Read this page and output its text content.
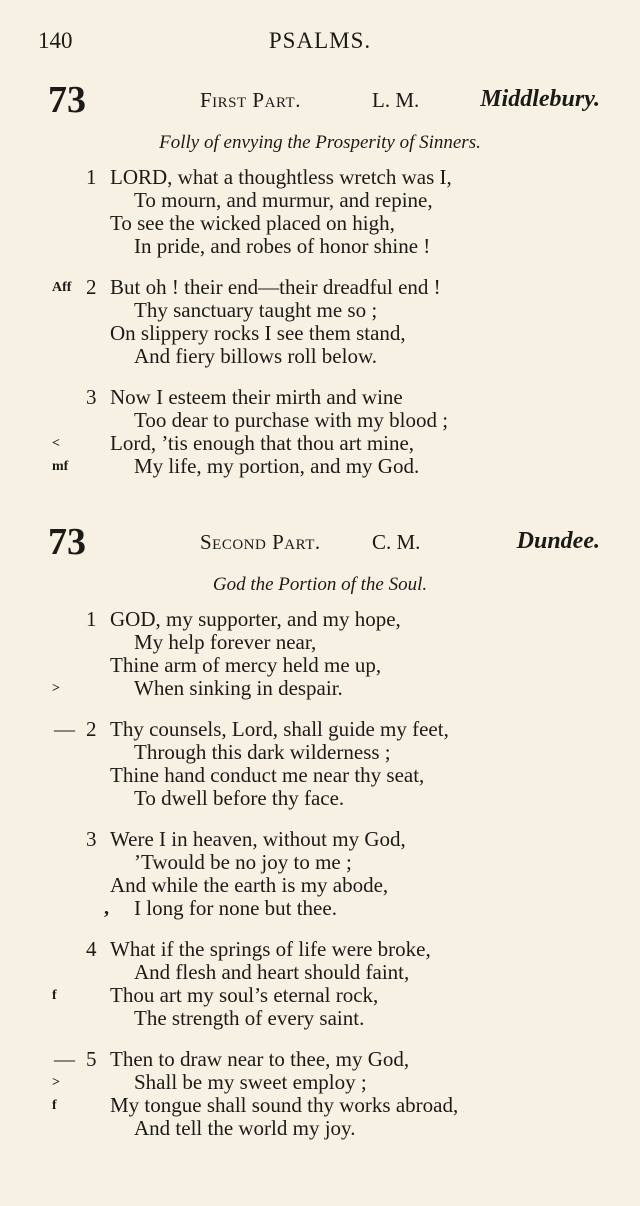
140	PSALMS.
73	First Part.	L. M.	Middlebury.
Folly of envying the Prosperity of Sinners.
1 LORD, what a thoughtless wretch was I,
To mourn, and murmur, and repine,
To see the wicked placed on high,
In pride, and robes of honor shine !
Aff 2 But oh ! their end—their dreadful end !
Thy sanctuary taught me so ;
On slippery rocks I see them stand,
And fiery billows roll below.
3 Now I esteem their mirth and wine
Too dear to purchase with my blood ;
< Lord, ’tis enough that thou art mine,
mf	My life, my portion, and my God.
73	Second Part. C. M.	Dundee.
God the Portion of the Soul.
1 GOD, my supporter, and my hope,
My help forever near,
Thine arm of mercy held me up,
>	When sinking in despair.
— 2 Thy counsels, Lord, shall guide my feet,
Through this dark wilderness ;
Thine hand conduct me near thy seat,
To dwell before thy face.
3 Were I in heaven, without my God,
’Twould be no joy to me ;
And while the earth is my abode,
, I long for none but thee.
4 What if the springs of life were broke,
And flesh and heart should faint,
f	Thou art my soul’s eternal rock,
The strength of every saint.
— 5 Then to draw near to thee, my God,
>	Shall be my sweet employ ;
f	My tongue shall sound thy works abroad,
And tell the world my joy.
